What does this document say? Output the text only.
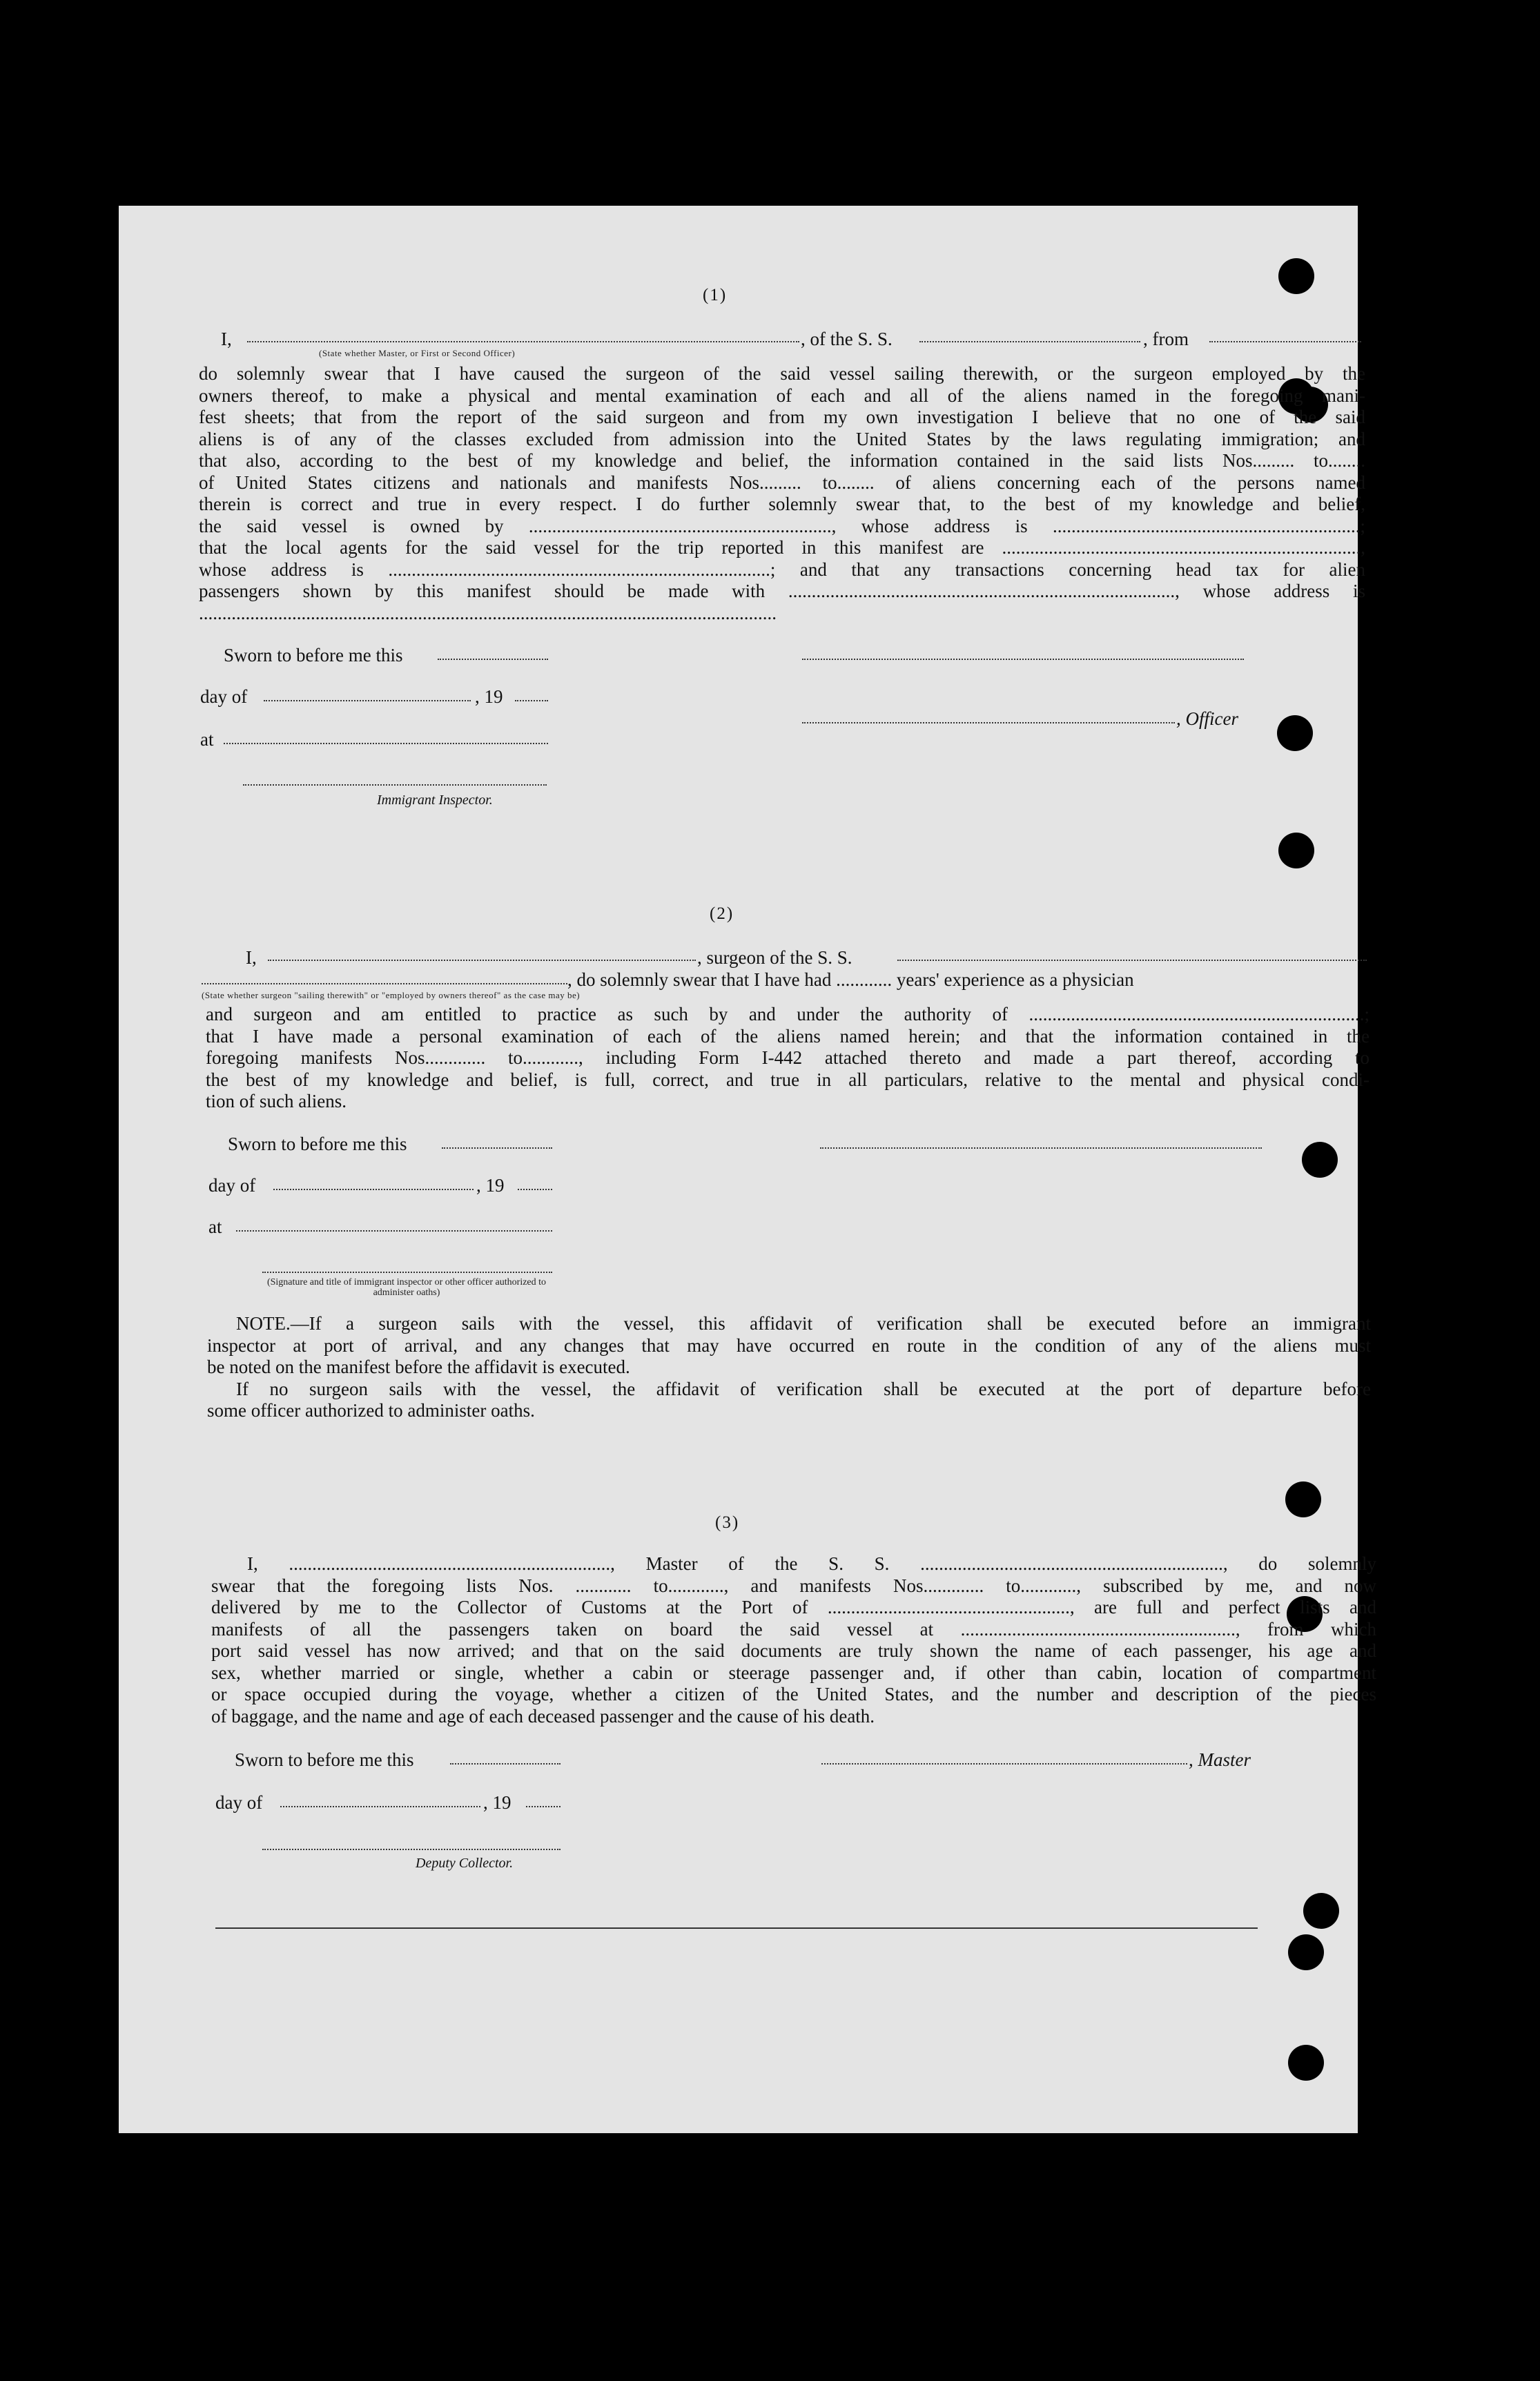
(1)
I,	, of the S. S.	, from
(State whether Master, or First or Second Officer)
do solemnly swear that I have caused the surgeon of the said vessel sailing therewith, or the surgeon employed by the
owners thereof, to make a physical and mental examination of each and all of the aliens named in the foregoing mani-
fest sheets; that from the report of the said surgeon and from my own investigation I believe that no one of the said
aliens is of any of the classes excluded from admission into the United States by the laws regulating immigration; and
that also, according to the best of my knowledge and belief, the information contained in the said lists Nos......... to........
of United States citizens and nationals and manifests Nos......... to........ of aliens concerning each of the persons named
therein is correct and true in every respect. I do further solemnly swear that, to the best of my knowledge and belief,
the said vessel is owned by ................................................................., whose address is ..................................................................;
that the local agents for the said vessel for the trip reported in this manifest are .............................................................................,
whose address is ..................................................................................; and that any transactions concerning head tax for alien
passengers shown by this manifest should be made with ..................................................................................., whose address is
............................................................................................................................
Sworn to before me this
day of	, 19
, Officer
at
Immigrant Inspector.
(2)
I,	, surgeon of the S. S.
, do solemnly swear that I have had ............ years' experience as a physician
(State whether surgeon "sailing therewith" or "employed by owners thereof" as the case may be)
and surgeon and am entitled to practice as such by and under the authority of ........................................................................;
that I have made a personal examination of each of the aliens named herein; and that the information contained in the
foregoing manifests Nos............. to............, including Form I-442 attached thereto and made a part thereof, according to
the best of my knowledge and belief, is full, correct, and true in all particulars, relative to the mental and physical condi-
tion of such aliens.
Sworn to before me this
day of	, 19
at
(Signature and title of immigrant inspector or other officer authorized to administer oaths)
NOTE.—If a surgeon sails with the vessel, this affidavit of verification shall be executed before an immigrant
inspector at port of arrival, and any changes that may have occurred en route in the condition of any of the aliens must
be noted on the manifest before the affidavit is executed.
If no surgeon sails with the vessel, the affidavit of verification shall be executed at the port of departure before
some officer authorized to administer oaths.
(3)
I, ....................................................................., Master of the S. S. ................................................................., do solemnly
swear that the foregoing lists Nos. ............ to............, and manifests Nos............. to............, subscribed by me, and now
delivered by me to the Collector of Customs at the Port of ...................................................., are full and perfect lists and
manifests of all the passengers taken on board the said vessel at ..........................................................., from which
port said vessel has now arrived; and that on the said documents are truly shown the name of each passenger, his age and
sex, whether married or single, whether a cabin or steerage passenger and, if other than cabin, location of compartment
or space occupied during the voyage, whether a citizen of the United States, and the number and description of the pieces
of baggage, and the name and age of each deceased passenger and the cause of his death.
Sworn to before me this	, Master
day of	, 19
Deputy Collector.
